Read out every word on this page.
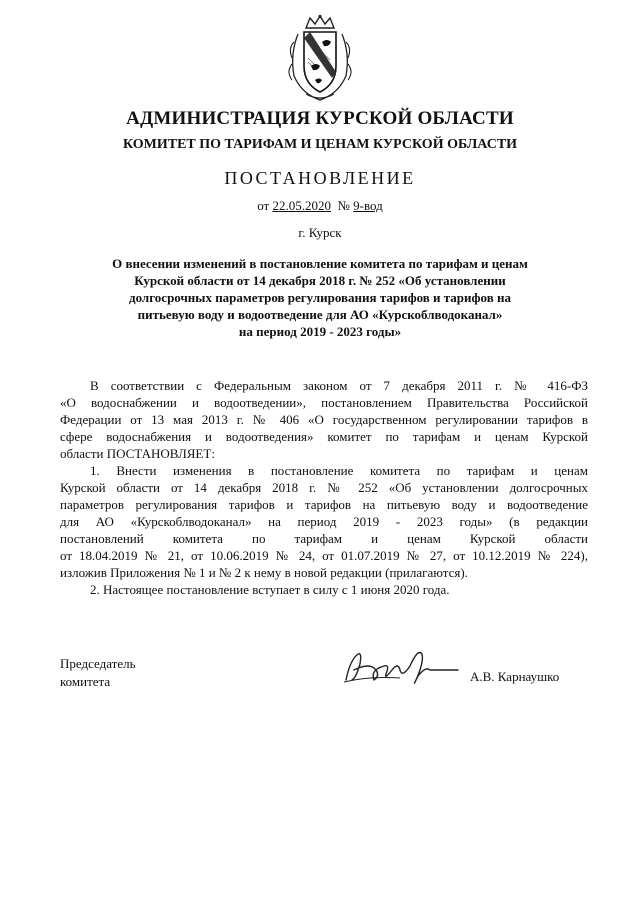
АДМИНИСТРАЦИЯ КУРСКОЙ ОБЛАСТИ
КОМИТЕТ ПО ТАРИФАМ И ЦЕНАМ КУРСКОЙ ОБЛАСТИ
ПОСТАНОВЛЕНИЕ
от 22.05.2020 № 9-вод
г. Курск
О внесении изменений в постановление комитета по тарифам и ценам
Курской области от 14 декабря 2018 г. № 252 «Об установлении
долгосрочных параметров регулирования тарифов и тарифов на
питьевую воду и водоотведение для АО «Курскоблводоканал»
на период 2019 - 2023 годы»
В соответствии с Федеральным законом от 7 декабря 2011 г. № 416-ФЗ
«О водоснабжении и водоотведении», постановлением Правительства Российской
Федерации от 13 мая 2013 г. № 406 «О государственном регулировании тарифов в
сфере водоснабжения и водоотведения» комитет по тарифам и ценам Курской
области ПОСТАНОВЛЯЕТ:
1. Внести изменения в постановление комитета по тарифам и ценам
Курской области от 14 декабря 2018 г. № 252 «Об установлении долгосрочных
параметров регулирования тарифов и тарифов на питьевую воду и водоотведение
для АО «Курскоблводоканал» на период 2019 - 2023 годы» (в редакции
постановлений комитета по тарифам и ценам Курской области
от 18.04.2019 № 21, от 10.06.2019 № 24, от 01.07.2019 № 27, от 10.12.2019 № 224),
изложив Приложения № 1 и № 2 к нему в новой редакции (прилагаются).
2. Настоящее постановление вступает в силу с 1 июня 2020 года.
Председатель
комитета	А.В. Карнаушко
